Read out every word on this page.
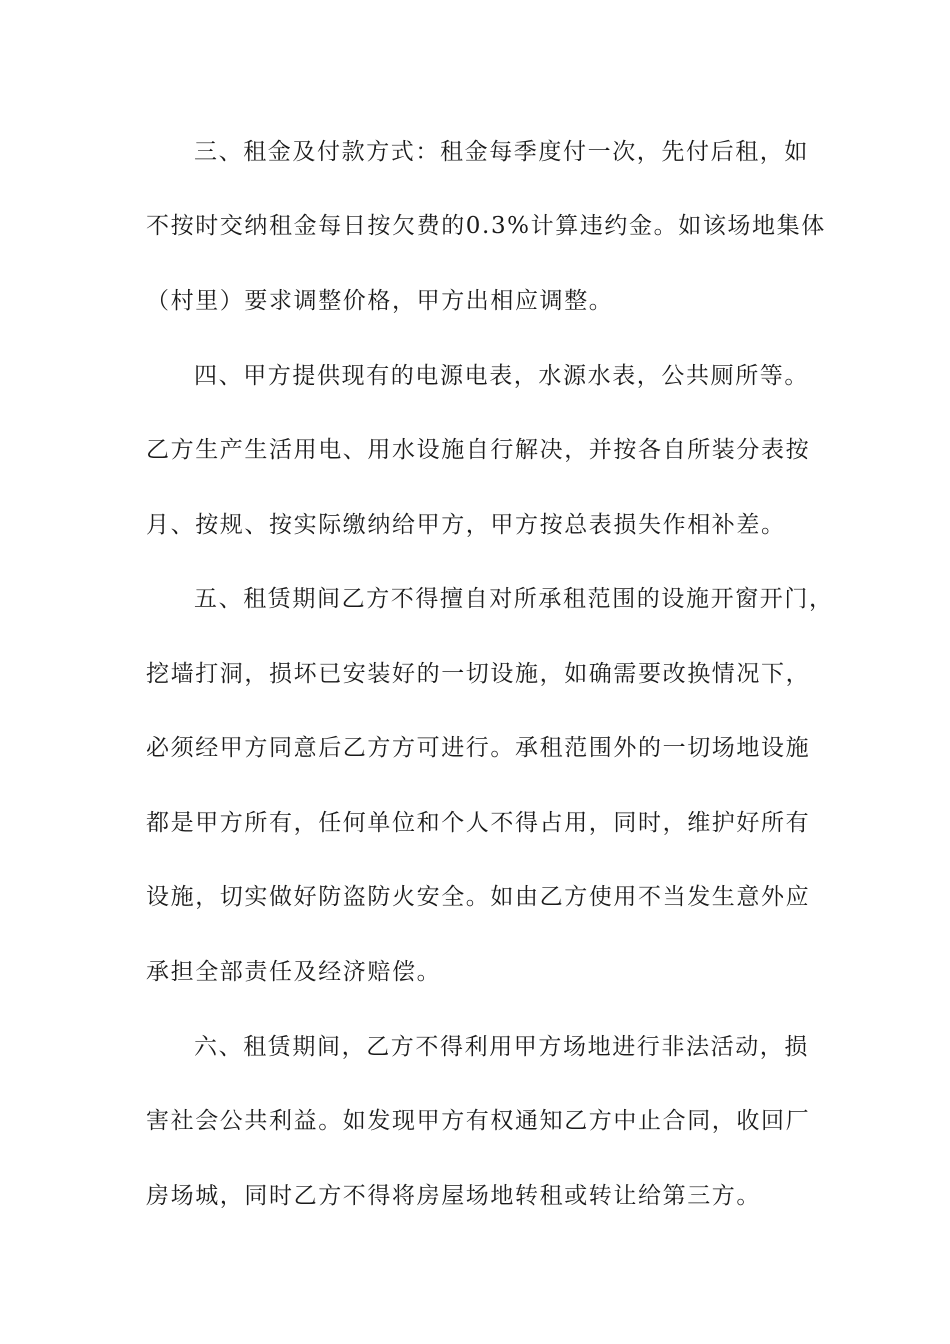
三、租金及付款方式：租金每季度付一次，先付后租，如
不按时交纳租金每日按欠费的0.3%计算违约金。如该场地集体
（村里）要求调整价格，甲方出相应调整。
四、甲方提供现有的电源电表，水源水表，公共厕所等。
乙方生产生活用电、用水设施自行解决，并按各自所装分表按
月、按规、按实际缴纳给甲方，甲方按总表损失作相补差。
五、租赁期间乙方不得擅自对所承租范围的设施开窗开门，
挖墙打洞，损坏已安装好的一切设施，如确需要改换情况下，
必须经甲方同意后乙方方可进行。承租范围外的一切场地设施
都是甲方所有，任何单位和个人不得占用，同时，维护好所有
设施，切实做好防盗防火安全。如由乙方使用不当发生意外应
承担全部责任及经济赔偿。
六、租赁期间，乙方不得利用甲方场地进行非法活动，损
害社会公共利益。如发现甲方有权通知乙方中止合同，收回厂
房场城，同时乙方不得将房屋场地转租或转让给第三方。
